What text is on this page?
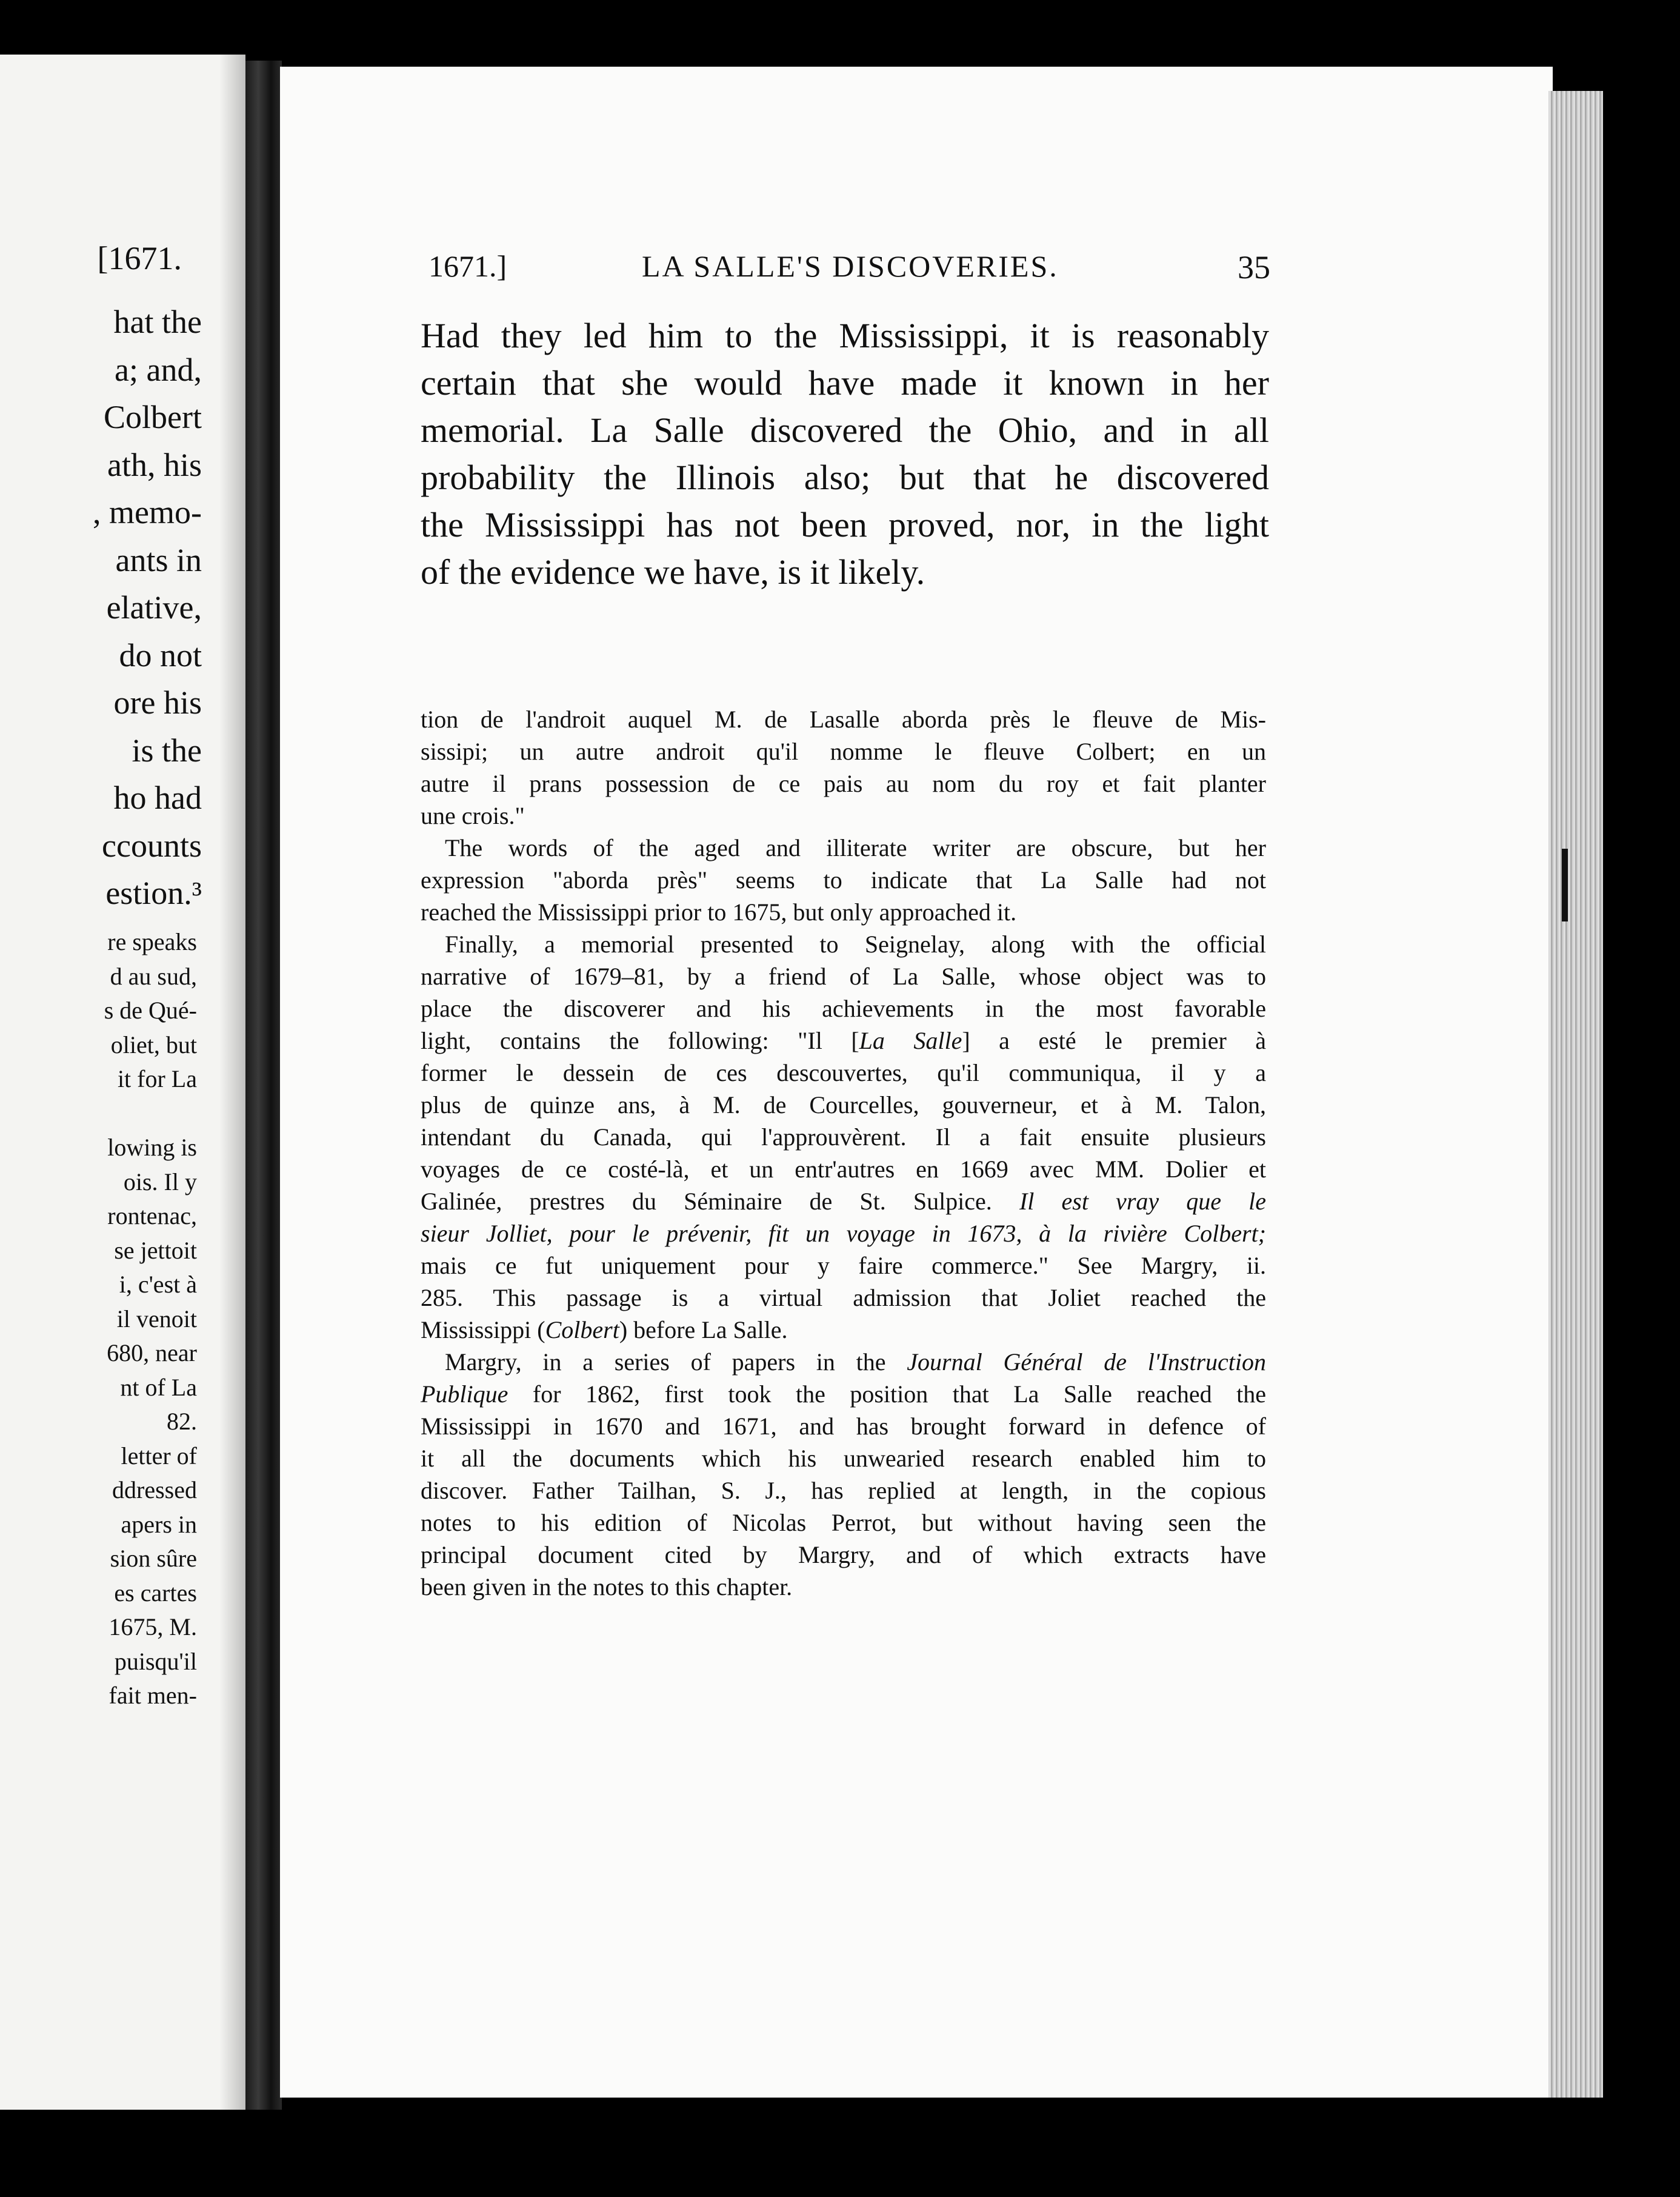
[1671.
hat the
a; and,
Colbert
ath, his
, memo-
ants in
elative,
do not
ore his
is the
ho had
ccounts
estion.³
re speaks
d au sud,
s de Qué-
oliet, but
it for La
lowing is
ois. Il y
rontenac,
se jettoit
i, c'est à
il venoit
680, near
nt of La
82.
letter of
ddressed
apers in
sion sûre
es cartes
1675, M.
puisqu'il
fait men-
1671.]	LA SALLE'S DISCOVERIES.	35
Had they led him to the Mississippi, it is reasonably
certain that she would have made it known in her
memorial. La Salle discovered the Ohio, and in all
probability the Illinois also; but that he discovered
the Mississippi has not been proved, nor, in the light
of the evidence we have, is it likely.
tion de l'androit auquel M. de Lasalle aborda près le fleuve de Mis-
sissipi; un autre androit qu'il nomme le fleuve Colbert; en un
autre il prans possession de ce pais au nom du roy et fait planter
une crois."
The words of the aged and illiterate writer are obscure, but her
expression "aborda près" seems to indicate that La Salle had not
reached the Mississippi prior to 1675, but only approached it.
Finally, a memorial presented to Seignelay, along with the official
narrative of 1679–81, by a friend of La Salle, whose object was to
place the discoverer and his achievements in the most favorable
light, contains the following: "Il [La Salle] a esté le premier à
former le dessein de ces descouvertes, qu'il communiqua, il y a
plus de quinze ans, à M. de Courcelles, gouverneur, et à M. Talon,
intendant du Canada, qui l'approuvèrent. Il a fait ensuite plusieurs
voyages de ce costé-là, et un entr'autres en 1669 avec MM. Dolier et
Galinée, prestres du Séminaire de St. Sulpice. Il est vray que le
sieur Jolliet, pour le prévenir, fit un voyage in 1673, à la rivière Colbert;
mais ce fut uniquement pour y faire commerce." See Margry, ii.
285. This passage is a virtual admission that Joliet reached the
Mississippi (Colbert) before La Salle.
Margry, in a series of papers in the Journal Général de l'Instruction
Publique for 1862, first took the position that La Salle reached the
Mississippi in 1670 and 1671, and has brought forward in defence of
it all the documents which his unwearied research enabled him to
discover. Father Tailhan, S. J., has replied at length, in the copious
notes to his edition of Nicolas Perrot, but without having seen the
principal document cited by Margry, and of which extracts have
been given in the notes to this chapter.
